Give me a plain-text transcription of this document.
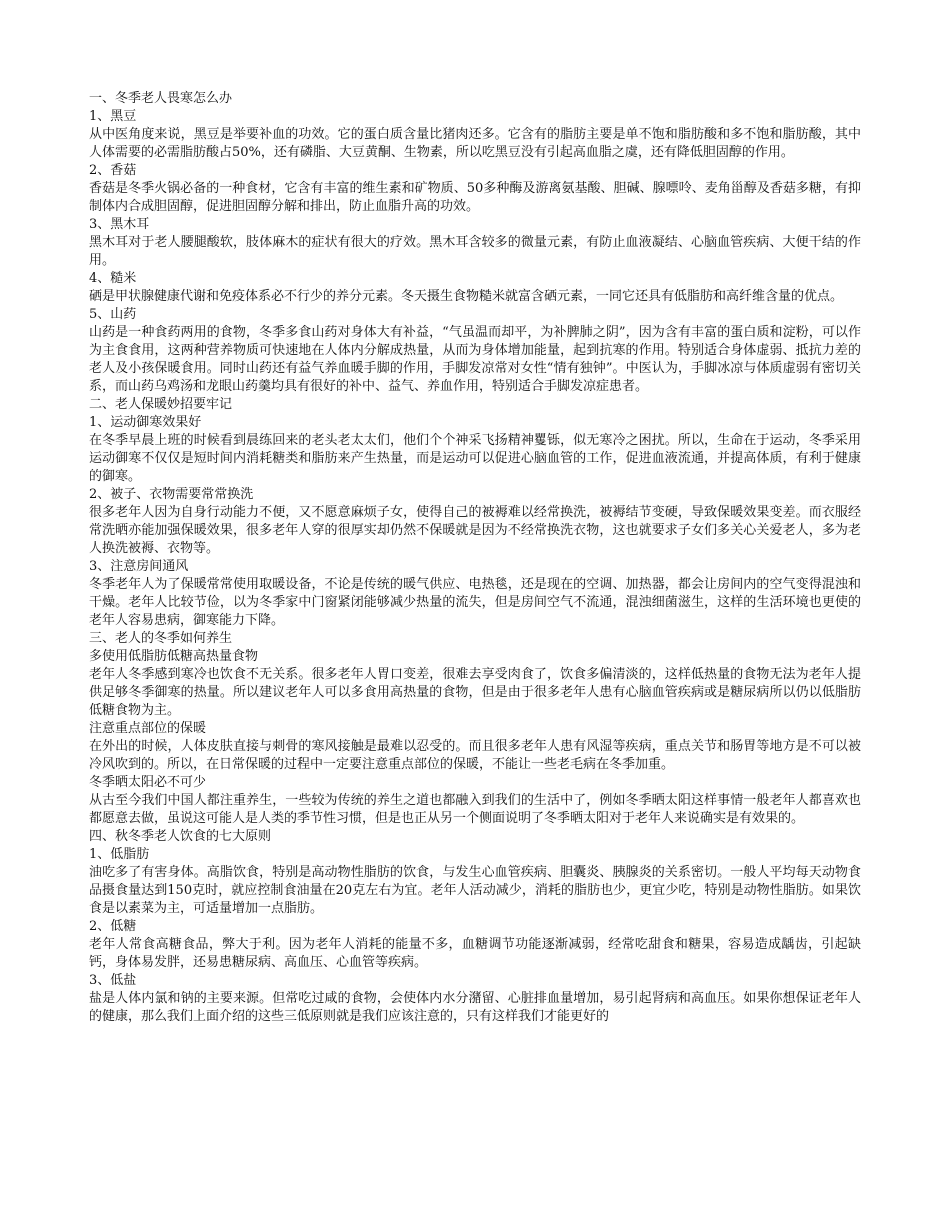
一、冬季老人畏寒怎么办
1、黑豆
从中医角度来说，黑豆是举要补血的功效。它的蛋白质含量比猪肉还多。它含有的脂肪主要是单不饱和脂肪酸和多不饱和脂肪酸，其中人体需要的必需脂肪酸占50%，还有磷脂、大豆黄酮、生物素，所以吃黑豆没有引起高血脂之虞，还有降低胆固醇的作用。
2、香菇
香菇是冬季火锅必备的一种食材，它含有丰富的维生素和矿物质、50多种酶及游离氨基酸、胆碱、腺嘌呤、麦角甾醇及香菇多糖，有抑制体内合成胆固醇，促进胆固醇分解和排出，防止血脂升高的功效。
3、黑木耳
黑木耳对于老人腰腿酸软，肢体麻木的症状有很大的疗效。黑木耳含较多的微量元素，有防止血液凝结、心脑血管疾病、大便干结的作用。
4、糙米
硒是甲状腺健康代谢和免疫体系必不行少的养分元素。冬天摄生食物糙米就富含硒元素，一同它还具有低脂肪和高纤维含量的优点。
5、山药
山药是一种食药两用的食物，冬季多食山药对身体大有补益，“气虽温而却平，为补脾肺之阴”，因为含有丰富的蛋白质和淀粉，可以作为主食食用，这两种营养物质可快速地在人体内分解成热量，从而为身体增加能量，起到抗寒的作用。特别适合身体虚弱、抵抗力差的老人及小孩保暖食用。同时山药还有益气养血暖手脚的作用，手脚发凉常对女性“情有独钟”。中医认为，手脚冰凉与体质虚弱有密切关系，而山药乌鸡汤和龙眼山药羹均具有很好的补中、益气、养血作用，特别适合手脚发凉症患者。
二、老人保暖妙招要牢记
1、运动御寒效果好
在冬季早晨上班的时候看到晨练回来的老头老太太们，他们个个神采飞扬精神矍铄，似无寒冷之困扰。所以，生命在于运动，冬季采用运动御寒不仅仅是短时间内消耗糖类和脂肪来产生热量，而是运动可以促进心脑血管的工作，促进血液流通，并提高体质，有利于健康的御寒。
2、被子、衣物需要常常换洗
很多老年人因为自身行动能力不便，又不愿意麻烦子女，使得自己的被褥难以经常换洗，被褥结节变硬，导致保暖效果变差。而衣服经常洗晒亦能加强保暖效果，很多老年人穿的很厚实却仍然不保暖就是因为不经常换洗衣物，这也就要求子女们多关心关爱老人，多为老人换洗被褥、衣物等。
3、注意房间通风
冬季老年人为了保暖常常使用取暖设备，不论是传统的暖气供应、电热毯，还是现在的空调、加热器，都会让房间内的空气变得混浊和干燥。老年人比较节俭，以为冬季家中门窗紧闭能够减少热量的流失，但是房间空气不流通，混浊细菌滋生，这样的生活环境也更使的老年人容易患病，御寒能力下降。
三、老人的冬季如何养生
多使用低脂肪低糖高热量食物
老年人冬季感到寒冷也饮食不无关系。很多老年人胃口变差，很难去享受肉食了，饮食多偏清淡的，这样低热量的食物无法为老年人提供足够冬季御寒的热量。所以建议老年人可以多食用高热量的食物，但是由于很多老年人患有心脑血管疾病或是糖尿病所以仍以低脂肪低糖食物为主。
注意重点部位的保暖
在外出的时候，人体皮肤直接与刺骨的寒风接触是最难以忍受的。而且很多老年人患有风湿等疾病，重点关节和肠胃等地方是不可以被冷风吹到的。所以，在日常保暖的过程中一定要注意重点部位的保暖，不能让一些老毛病在冬季加重。
冬季晒太阳必不可少
从古至今我们中国人都注重养生，一些较为传统的养生之道也都融入到我们的生活中了，例如冬季晒太阳这样事情一般老年人都喜欢也都愿意去做，虽说这可能人是人类的季节性习惯，但是也正从另一个侧面说明了冬季晒太阳对于老年人来说确实是有效果的。
四、秋冬季老人饮食的七大原则
1、低脂肪
油吃多了有害身体。高脂饮食，特别是高动物性脂肪的饮食，与发生心血管疾病、胆囊炎、胰腺炎的关系密切。一般人平均每天动物食品摄食量达到150克时，就应控制食油量在20克左右为宜。老年人活动减少，消耗的脂肪也少，更宜少吃，特别是动物性脂肪。如果饮食是以素菜为主，可适量增加一点脂肪。
2、低糖
老年人常食高糖食品，弊大于利。因为老年人消耗的能量不多，血糖调节功能逐渐减弱，经常吃甜食和糖果，容易造成龋齿，引起缺钙，身体易发胖，还易患糖尿病、高血压、心血管等疾病。
3、低盐
盐是人体内氯和钠的主要来源。但常吃过咸的食物，会使体内水分潴留、心脏排血量增加，易引起肾病和高血压。如果你想保证老年人的健康，那么我们上面介绍的这些三低原则就是我们应该注意的，只有这样我们才能更好的
